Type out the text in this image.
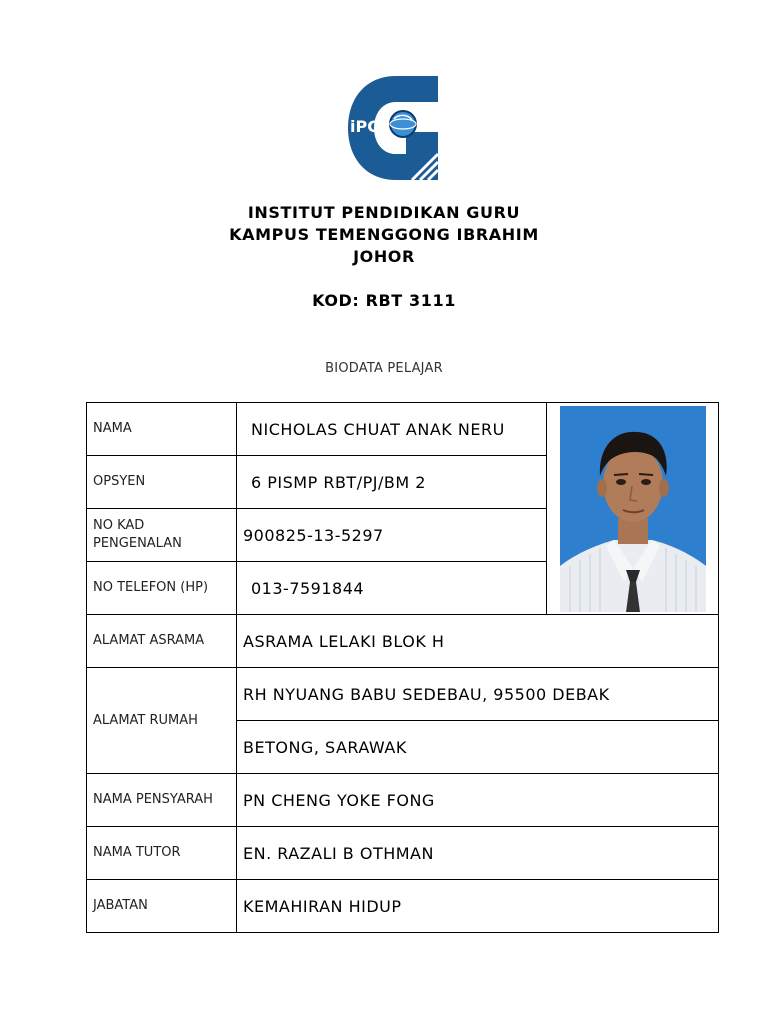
iPG
INSTITUT PENDIDIKAN GURU
KAMPUS TEMENGGONG IBRAHIM
JOHOR
KOD: RBT 3111
BIODATA PELAJAR
NAMA	NICHOLAS CHUAT ANAK NERU	

OPSYEN	6 PISMP RBT/PJ/BM 2	
NO KAD PENGENALAN	900825-13-5297	
NO TELEFON (HP)	013-7591844	
ALAMAT ASRAMA	ASRAMA LELAKI BLOK H	
ALAMAT RUMAH	RH NYUANG BABU SEDEBAU, 95500 DEBAK	
	BETONG, SARAWAK	
NAMA PENSYARAH	PN CHENG YOKE FONG	
NAMA TUTOR	EN. RAZALI B OTHMAN	
JABATAN	KEMAHIRAN HIDUP	
